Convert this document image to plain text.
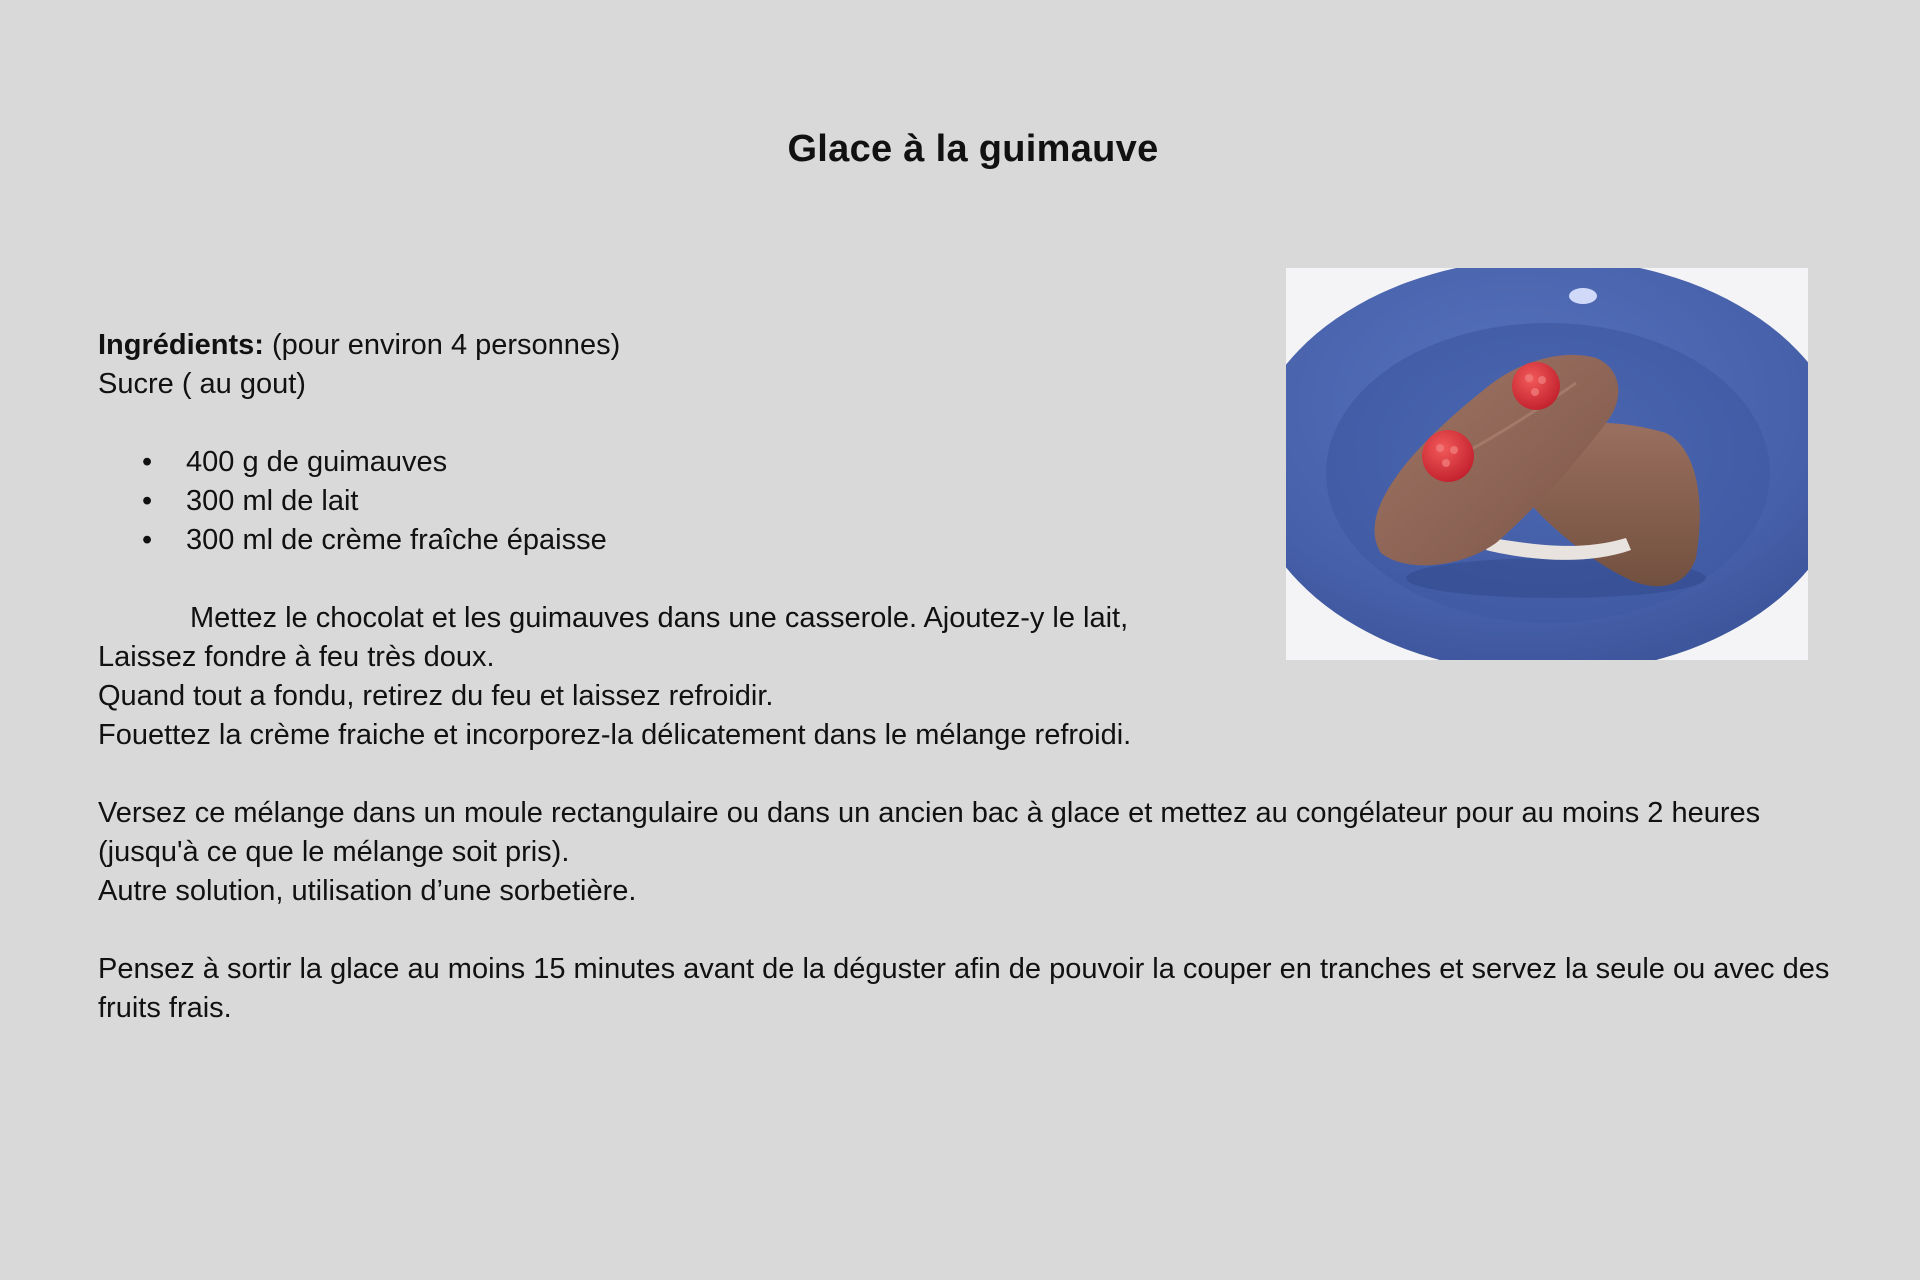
Glace à la guimauve

Ingrédients: (pour environ 4 personnes)

Sucre ( au gout)

• 400 g de guimauves
• 300 ml de lait
• 300 ml de crème fraîche épaisse

Mettez le chocolat et les guimauves dans une casserole. Ajoutez-y le lait,

Laissez fondre à feu très doux.

Quand tout a fondu, retirez du feu et laissez refroidir.

Fouettez la crème fraiche et incorporez-la délicatement dans le mélange refroidi.

Versez ce mélange dans un moule rectangulaire ou dans un ancien bac à glace et mettez au congélateur pour au moins 2 heures (jusqu'à ce que le mélange soit pris).

Autre solution, utilisation d’une sorbetière.

Pensez à sortir la glace au moins 15 minutes avant de la déguster afin de pouvoir la couper en tranches et servez la seule ou avec des fruits frais.
